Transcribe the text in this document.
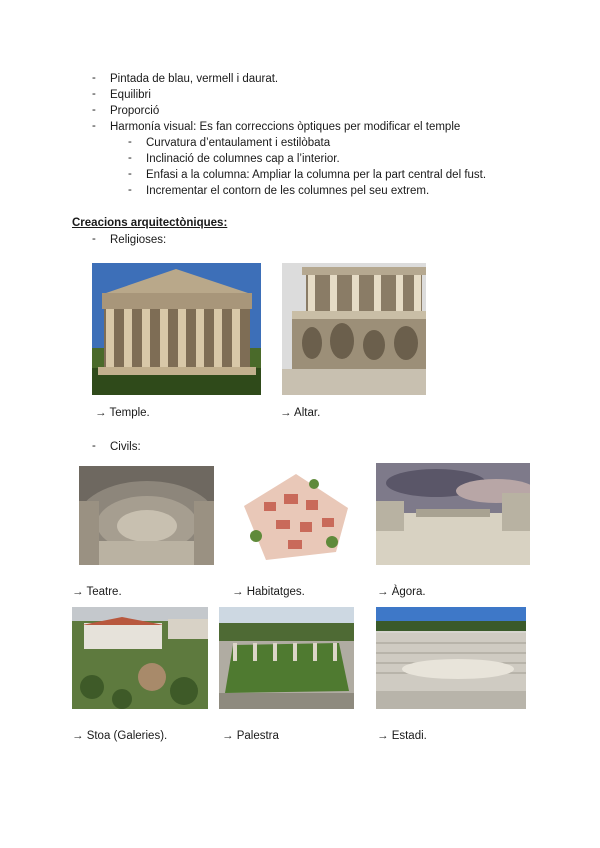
- Pintada de blau, vermell i daurat.
- Equilibri
- Proporció
- Harmonía visual: Es fan correccions òptiques per modificar el temple
- Curvatura d’entaulament i estilòbata
- Inclinació de columnes cap a l’interior.
- Enfasi a la columna: Ampliar la columna per la part central del fust.
- Incrementar el contorn de les columnes pel seu extrem.
Creacions arquitectòniques:
- Religioses:
→ Temple.	→ Altar.
- Civils:
→ Teatre.	→ Habitatges.	→ Àgora.
→ Stoa (Galeries).	→ Palestra	→ Estadi.
